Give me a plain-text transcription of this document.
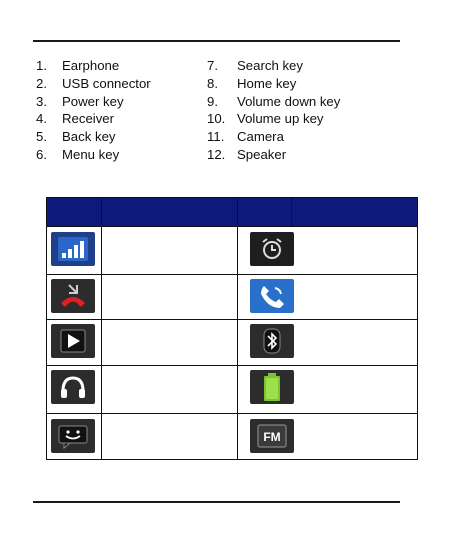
1.	Earphone
2.	USB connector
3.	Power key
4.	Receiver
5.	Back key
6.	Menu key
7.	Search key
8.	Home key
9.	Volume down key
10. Volume up key
11. Camera
12. Speaker
FM
